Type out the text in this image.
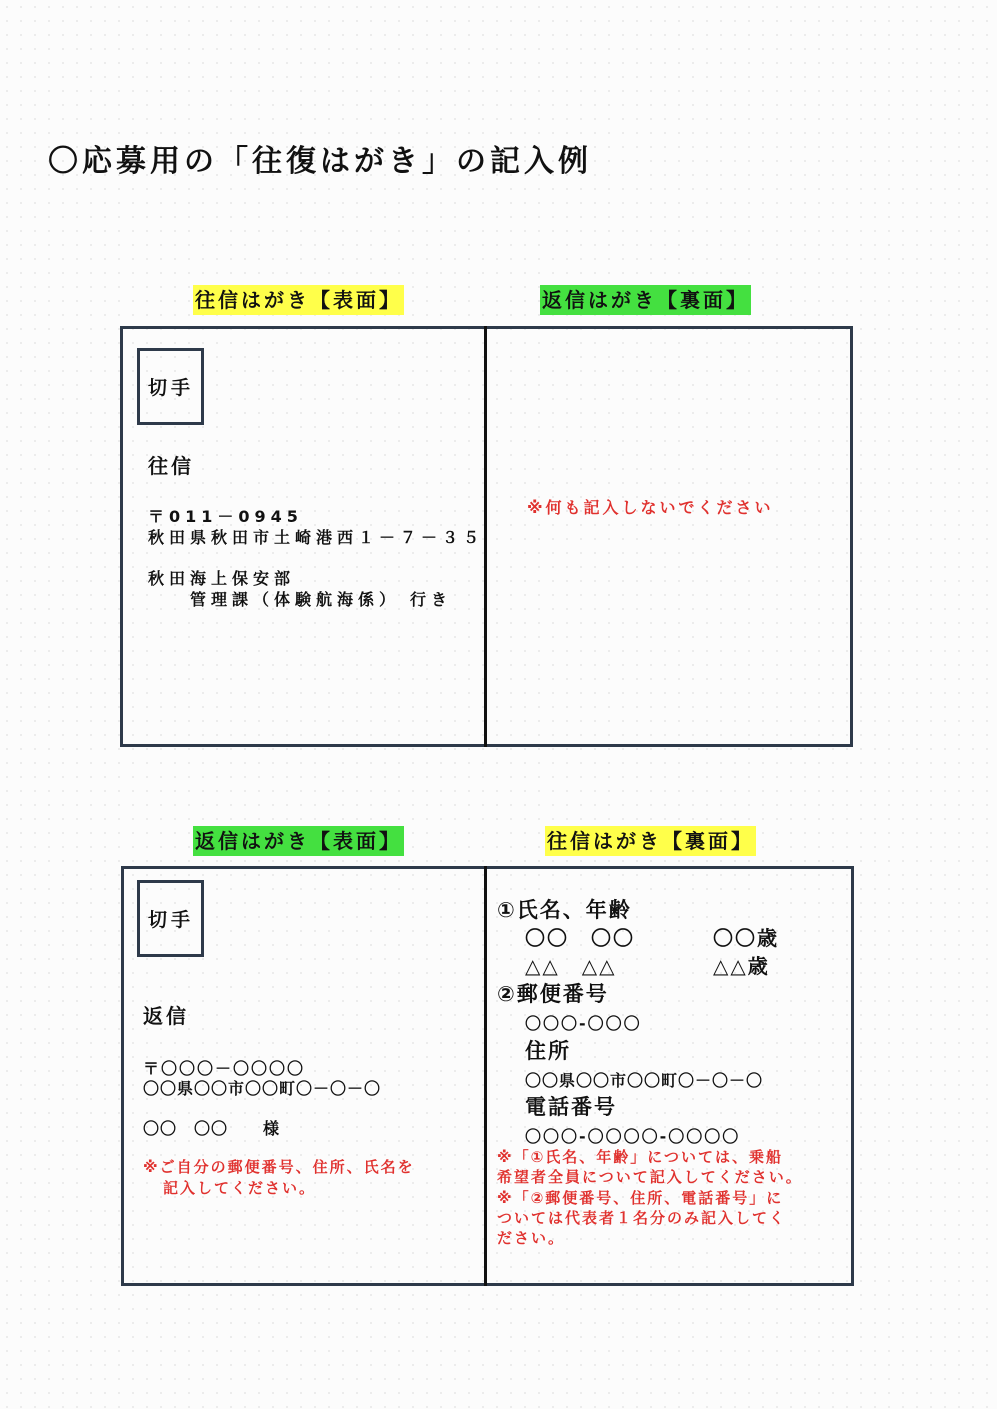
〇応募用の「往復はがき」の記入例
往信はがき【表面】	返信はがき【裏面】
切手
往信
〒011－0945
秋田県秋田市土崎港西１－７－３５
秋田海上保安部
管理課（体験航海係） 行き
※何も記入しないでください
返信はがき【表面】	往信はがき【裏面】
切手
返信
〒〇〇〇－〇〇〇〇
〇〇県〇〇市〇〇町〇－〇－〇
〇〇　〇〇 様
※ご自分の郵便番号、住所、氏名を
記入してください。
①氏名、年齢
〇〇　〇〇	〇〇歳
△△　△△	△△歳
②郵便番号
〇〇〇-〇〇〇
住所
〇〇県〇〇市〇〇町〇－〇－〇
電話番号
〇〇〇-〇〇〇〇-〇〇〇〇
※「①氏名、年齢」については、乗船
希望者全員について記入してください。
※「②郵便番号、住所、電話番号」に
ついては代表者１名分のみ記入してく
ださい。
